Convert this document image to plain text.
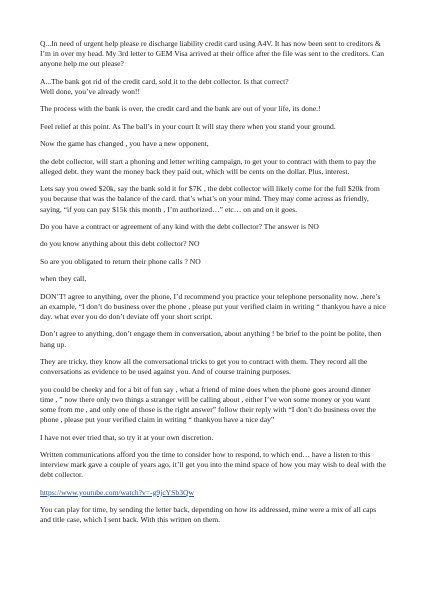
Q...In need of urgent help please re discharge liability credit card using A4V. It has now been sent to creditors & I’m in over my head. My 3rd letter to GEM Visa arrived at their office after the file was sent to the creditors. Can anyone help me out please?

A...The bank got rid of the credit card, sold it to the debt collector. Is that correct?
Well done, you’ve already won!!

The process with the bank is over, the credit card and the bank are out of your life, its done.!

Feel relief at this point. As The ball’s in your court It will stay there when you stand your ground.

Now the game has changed , you have a new opponent,

the debt collector, will start a phoning and letter writing campaign, to get your to contract with them to pay the alleged debt. they want the money back they paid out, which will be cents on the dollar. Plus, interest.

Lets say you owed $20k, say the bank sold it for $7K , the debt collector will likely come for the full $20k from you because that was the balance of the card. that’s what’s on your mind. They may come across as friendly, saying, “if you can pay $15k this month , I’m authorized…” etc… on and on it goes.

Do you have a contract or agreement of any kind with the debt collector? The answer is NO

do you know anything about this debt collector? NO

So are you obligated to return their phone calls ? NO

when they call,

DON’T! agree to anything, over the phone, I’d recommend you practice your telephone personality now. ,here’s an example, “I don’t do business over the phone , please put your verified claim in writing “ thankyou have a nice day. what ever you do don’t deviate off your short script.

Don’t agree to anything, don’t engage them in conversation, about anything ! be brief to the point be polite, then hang up.

They are tricky, they know all the conversational tricks to get you to contract with them. They record all the conversations as evidence to be used against you. And of course training purposes.

you could be cheeky and for a bit of fun say , what a friend of mine does when the phone goes around dinner time , ” now there only two things a stranger will be calling about , either I’ve won some money or you want some from me , and only one of those is the right answer” follow their reply with “I don’t do business over the phone , please put your verified claim in writing “ thankyou have a nice day”

I have not ever tried that, so try it at your own discretion.

Written communications afford you the time to consider how to respond, to which end… have a listen to this interview mark gave a couple of years ago, it’ll get you into the mind space of how you may wish to deal with the debt collector.

https://www.youtube.com/watch?v=-g9jcYSb3Qw

You can play for time, by sending the letter back, depending on how its addressed, mine were a mix of all caps and title case, which I sent back. With this written on them.
